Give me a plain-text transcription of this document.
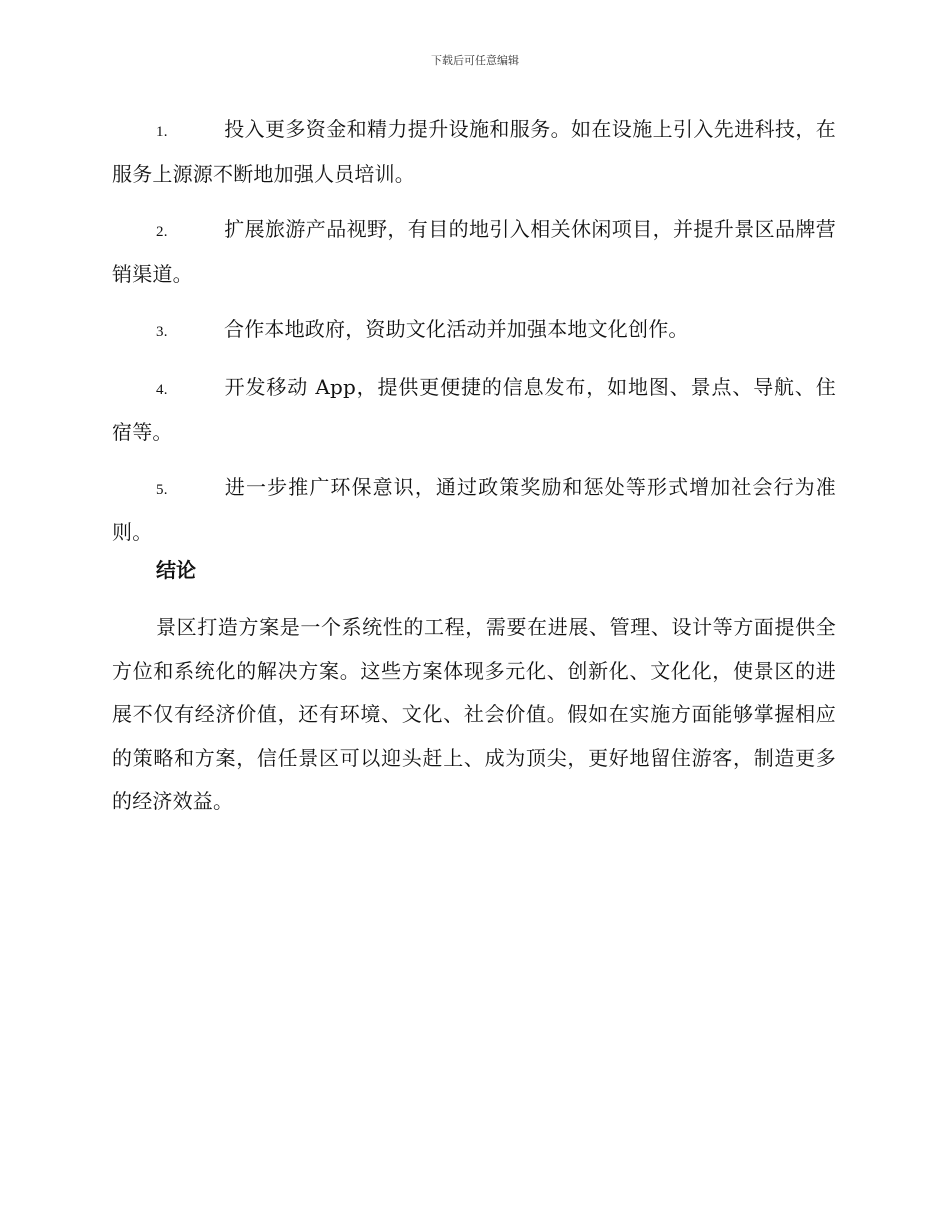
下载后可任意编辑
1.	投入更多资金和精力提升设施和服务。如在设施上引入先进科技，在服务上源源不断地加强人员培训。
2.	扩展旅游产品视野，有目的地引入相关休闲项目，并提升景区品牌营销渠道。
3.	合作本地政府，资助文化活动并加强本地文化创作。
4.	开发移动 App，提供更便捷的信息发布，如地图、景点、导航、住宿等。
5.	进一步推广环保意识，通过政策奖励和惩处等形式增加社会行为准则。
结论
景区打造方案是一个系统性的工程，需要在进展、管理、设计等方面提供全方位和系统化的解决方案。这些方案体现多元化、创新化、文化化，使景区的进展不仅有经济价值，还有环境、文化、社会价值。假如在实施方面能够掌握相应的策略和方案，信任景区可以迎头赶上、成为顶尖，更好地留住游客，制造更多的经济效益。
